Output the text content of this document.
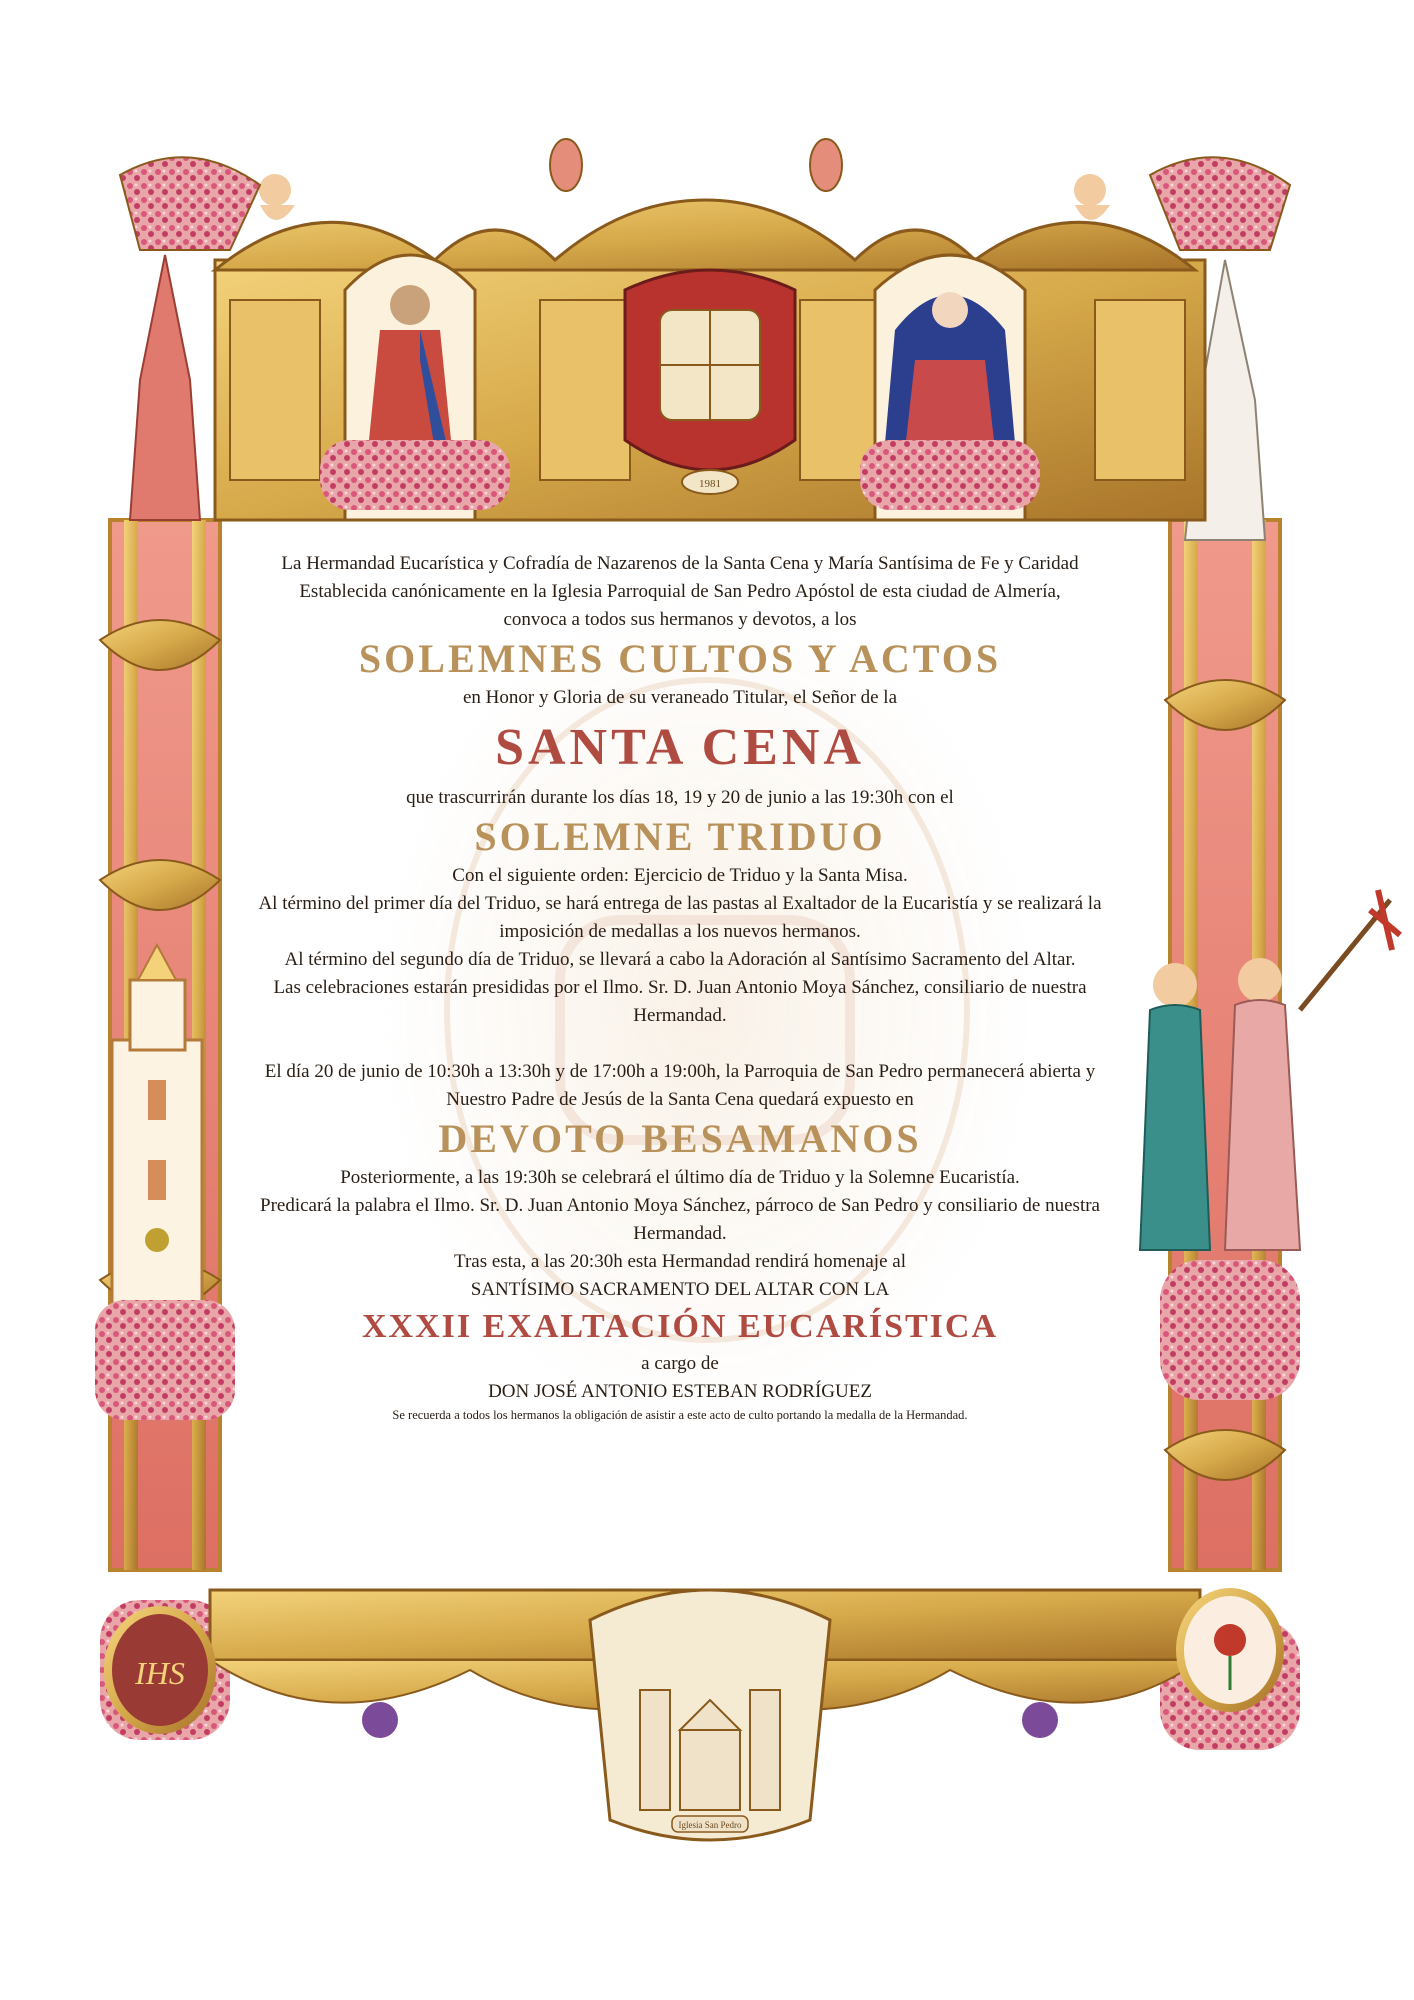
1981
Iglesia San Pedro
IHS

La Hermandad Eucarística y Cofradía de Nazarenos de la Santa Cena y María Santísima de Fe y Caridad

Establecida canónicamente en la Iglesia Parroquial de San Pedro Apóstol de esta ciudad de Almería,

convoca a todos sus hermanos y devotos, a los

SOLEMNES CULTOS Y ACTOS

en Honor y Gloria de su veraneado Titular, el Señor de la

SANTA CENA

que trascurrirán durante los días 18, 19 y 20 de junio a las 19:30h con el

SOLEMNE TRIDUO

Con el siguiente orden: Ejercicio de Triduo y la Santa Misa.

Al término del primer día del Triduo, se hará entrega de las pastas al Exaltador de la Eucaristía y se realizará la imposición de medallas a los nuevos hermanos.

Al término del segundo día de Triduo, se llevará a cabo la Adoración al Santísimo Sacramento del Altar.

Las celebraciones estarán presididas por el Ilmo. Sr. D. Juan Antonio Moya Sánchez, consiliario de nuestra Hermandad.

El día 20 de junio de 10:30h a 13:30h y de 17:00h a 19:00h, la Parroquia de San Pedro permanecerá abierta y Nuestro Padre de Jesús de la Santa Cena quedará expuesto en

DEVOTO BESAMANOS

Posteriormente, a las 19:30h se celebrará el último día de Triduo y la Solemne Eucaristía.

Predicará la palabra el Ilmo. Sr. D. Juan Antonio Moya Sánchez, párroco de San Pedro y consiliario de nuestra Hermandad.

Tras esta, a las 20:30h esta Hermandad rendirá homenaje al

SANTÍSIMO SACRAMENTO DEL ALTAR CON LA

XXXII EXALTACIÓN EUCARÍSTICA

a cargo de

DON JOSÉ ANTONIO ESTEBAN RODRÍGUEZ

Se recuerda a todos los hermanos la obligación de asistir a este acto de culto portando la medalla de la Hermandad.
